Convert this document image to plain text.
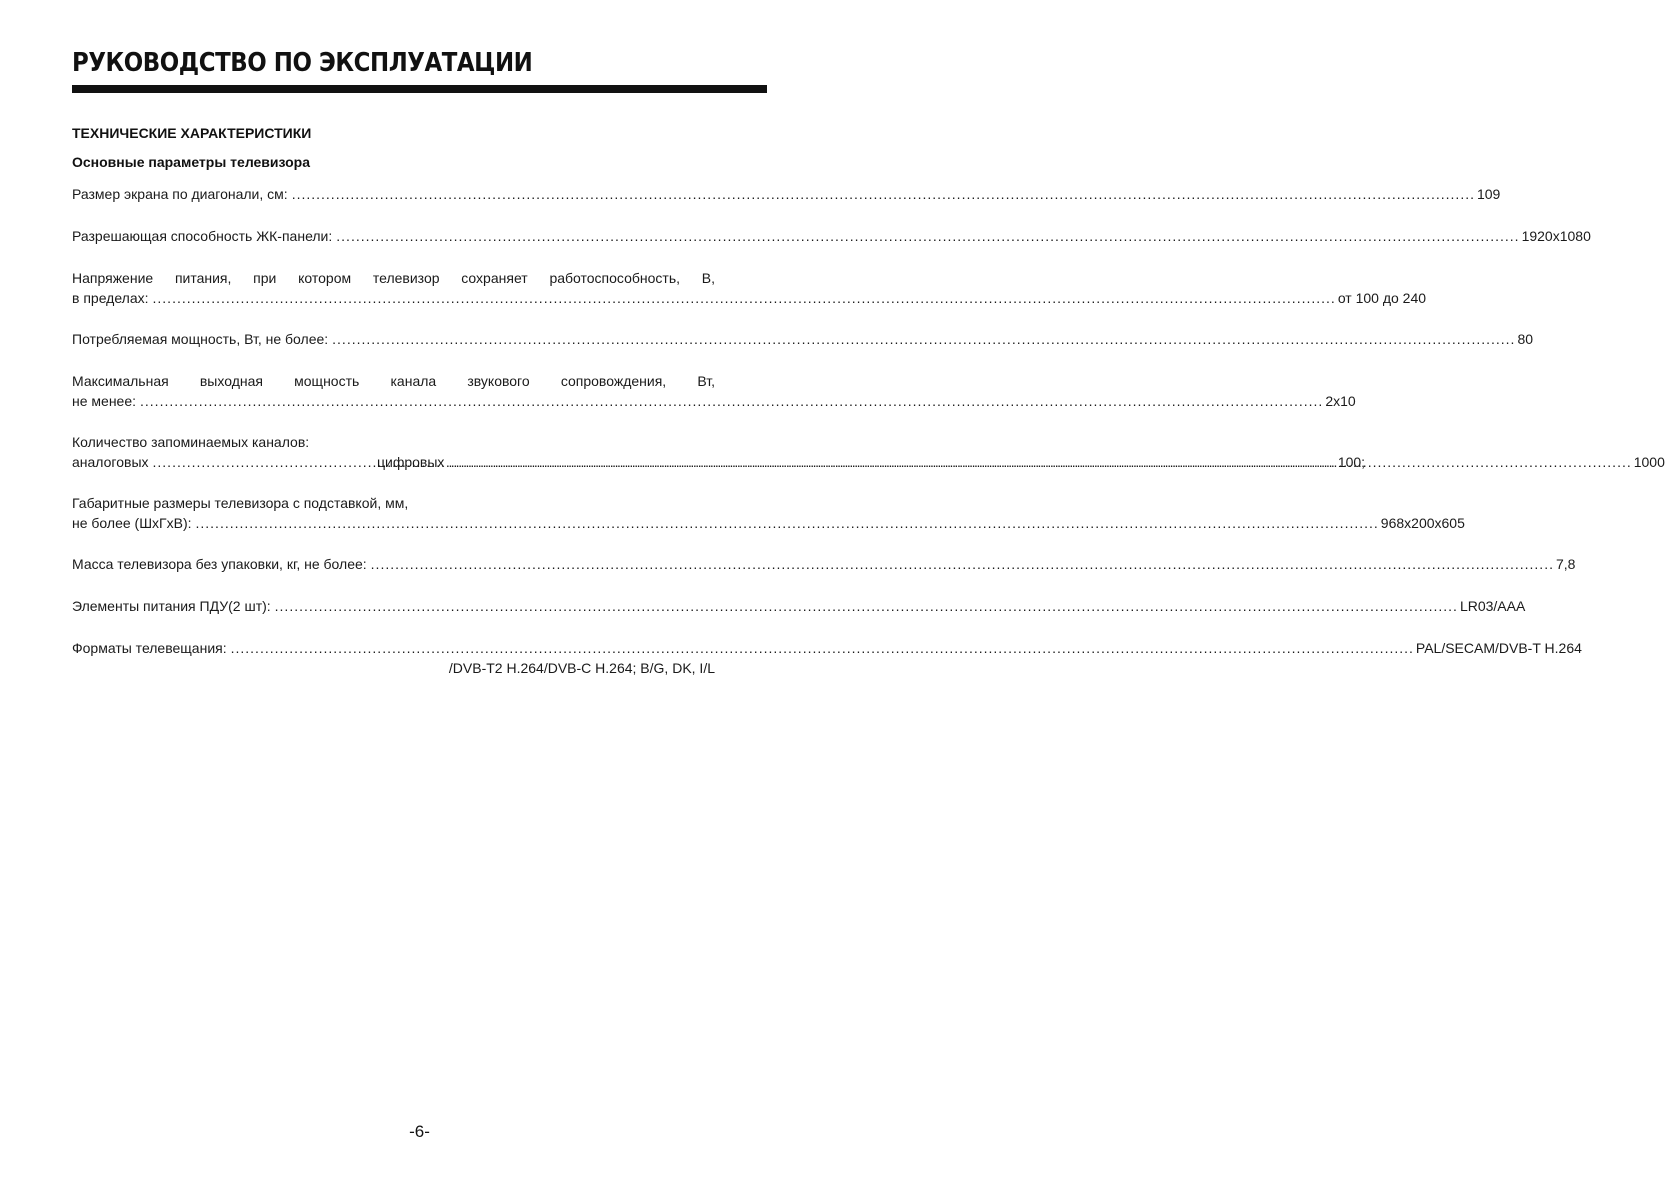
РУКОВОДСТВО ПО ЭКСПЛУАТАЦИИ
ТЕХНИЧЕСКИЕ ХАРАКТЕРИСТИКИ
Основные параметры телевизора
Размер экрана по диагонали, см: .....	109
Разрешающая способность ЖК-панели: .....	1920x1080
Напряжение питания, при котором телевизор сохраняет работоспособность, В,
в пределах: .....	от 100 до 240
Потребляемая мощность, Вт, не более: .....	80
Максимальная выходная мощность канала звукового сопровождения, Вт,
не менее: .....	2x10
Количество запоминаемых каналов:
аналоговых .....	100;
цифровых .....	1000
Габаритные размеры телевизора с подставкой, мм,
не более (ШхГхВ): .....	968x200x605
Масса телевизора без упаковки, кг, не более: .....	7,8
Элементы питания ПДУ(2 шт): .....	LR03/AAA
Форматы телевещания: .....	PAL/SECAM/DVB-T H.264
/DVB-T2 H.264/DVB-C H.264; B/G, DK, I/L
-6-
